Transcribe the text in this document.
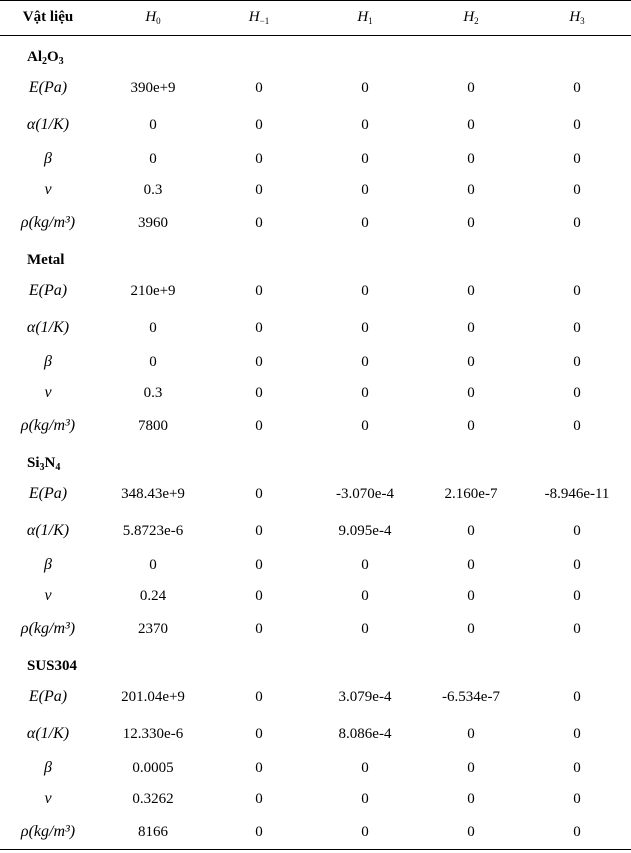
Vật liệu	$H_0$	$H_{-1}$	$H_1$	$H_2$	$H_3$
$Al_2O_3$
E(Pa)	390e+9	0	0	0	0
α(1/K)	0	0	0	0	0
β	0	0	0	0	0
ν	0.3	0	0	0	0
ρ(kg/m³)	3960	0	0	0	0
Metal
E(Pa)	210e+9	0	0	0	0
α(1/K)	0	0	0	0	0
β	0	0	0	0	0
ν	0.3	0	0	0	0
ρ(kg/m³)	7800	0	0	0	0
$Si_3N_4$
E(Pa)	348.43e+9	0	-3.070e-4	2.160e-7	-8.946e-11
α(1/K)	5.8723e-6	0	9.095e-4	0	0
β	0	0	0	0	0
ν	0.24	0	0	0	0
ρ(kg/m³)	2370	0	0	0	0
SUS304
E(Pa)	201.04e+9	0	3.079e-4	-6.534e-7	0
α(1/K)	12.330e-6	0	8.086e-4	0	0
β	0.0005	0	0	0	0
ν	0.3262	0	0	0	0
ρ(kg/m³)	8166	0	0	0	0
